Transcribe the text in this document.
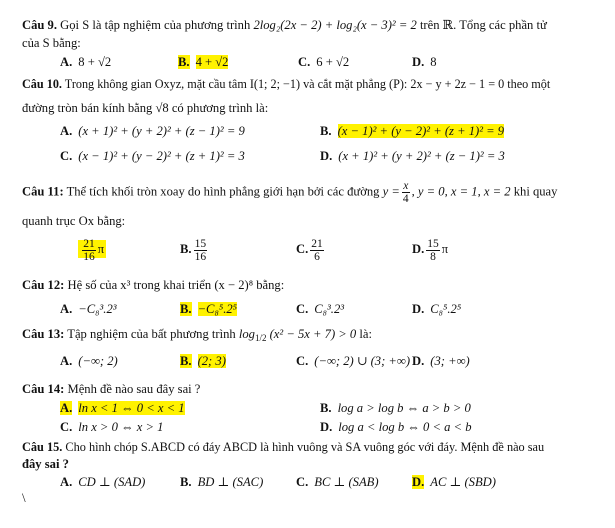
Câu 9. Gọi S là tập nghiệm của phương trình 2log₂(2x − 2) + log₂(x − 3)² = 2 trên ℝ. Tổng các phần tử
của S bằng:
A. 8 + √2	B. 4 + √2	C. 6 + √2	D. 8
Câu 10. Trong không gian Oxyz, mặt cầu tâm I(1; 2; −1) và cắt mặt phẳng (P): 2x − y + 2z − 1 = 0 theo một
đường tròn bán kính bằng √8 có phương trình là:
A. (x + 1)² + (y + 2)² + (z − 1)² = 9	B. (x − 1)² + (y − 2)² + (z + 1)² = 9
C. (x − 1)² + (y − 2)² + (z + 1)² = 3	D. (x + 1)² + (y + 2)² + (z − 1)² = 3
Câu 11: Thể tích khối tròn xoay do hình phẳng giới hạn bởi các đường $y = \frac{x}{4}$ , y = 0, x = 1, x = 2 khi quay
quanh trục Ox bằng:
$\frac{21}{16}$ π	B. $\frac{15}{16}$	C. $\frac{21}{6}$	D. $\frac{15}{8}$ π
Câu 12: Hệ số của x³ trong khai triển (x − 2)⁸ bằng:
A. −C₈³.2³	B. −C₈⁵.2⁵	C. C₈³.2³	D. C₈⁵.2⁵
Câu 13: Tập nghiệm của bất phương trình $\log_{1/2} (x^2 - 5x + 7) > 0$ là:
A. (−∞; 2)	B. (2; 3)	C. (−∞; 2) ∪ (3; +∞) D. (3; +∞)
Câu 14: Mệnh đề nào sau đây sai ?
A. ln x < 1 ⇔ 0 < x < 1	B. log a > log b ⇔ a > b > 0
C. ln x > 0 ⇔ x > 1	D. log a < log b ⇔ 0 < a < b
Câu 15. Cho hình chóp S.ABCD có đáy ABCD là hình vuông và SA vuông góc với đáy. Mệnh đề nào sau
đây sai ?
A. CD ⊥ (SAD)	B. BD ⊥ (SAC)	C. BC ⊥ (SAB)	D. AC ⊥ (SBD)
\
